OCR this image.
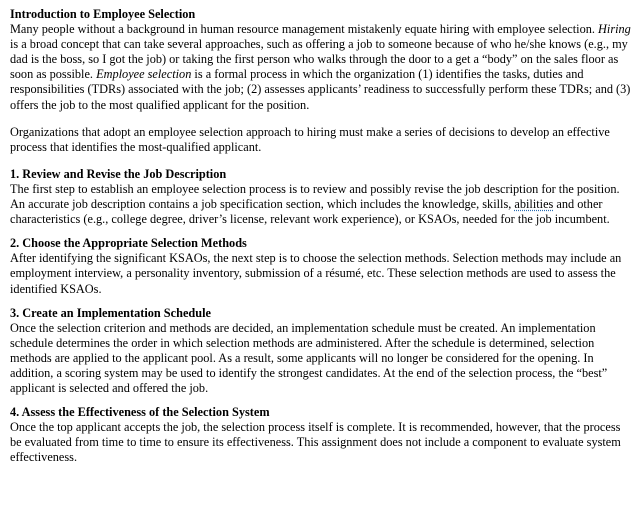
Introduction to Employee Selection

Many people without a background in human resource management mistakenly equate hiring with employee selection. Hiring is a broad concept that can take several approaches, such as offering a job to someone because of who he/she knows (e.g., my dad is the boss, so I got the job) or taking the first person who walks through the door to a get a “body” on the sales floor as soon as possible. Employee selection is a formal process in which the organization (1) identifies the tasks, duties and responsibilities (TDRs) associated with the job; (2) assesses applicants’ readiness to successfully perform these TDRs; and (3) offers the job to the most qualified applicant for the position.

Organizations that adopt an employee selection approach to hiring must make a series of decisions to develop an effective process that identifies the most-qualified applicant.

1. Review and Revise the Job Description

The first step to establish an employee selection process is to review and possibly revise the job description for the position. An accurate job description contains a job specification section, which includes the knowledge, skills, abilities and other characteristics (e.g., college degree, driver’s license, relevant work experience), or KSAOs, needed for the job incumbent.

2. Choose the Appropriate Selection Methods

After identifying the significant KSAOs, the next step is to choose the selection methods. Selection methods may include an employment interview, a personality inventory, submission of a résumé, etc. These selection methods are used to assess the identified KSAOs.

3. Create an Implementation Schedule

Once the selection criterion and methods are decided, an implementation schedule must be created. An implementation schedule determines the order in which selection methods are administered. After the schedule is determined, selection methods are applied to the applicant pool. As a result, some applicants will no longer be considered for the opening. In addition, a scoring system may be used to identify the strongest candidates. At the end of the selection process, the “best” applicant is selected and offered the job.

4. Assess the Effectiveness of the Selection System

Once the top applicant accepts the job, the selection process itself is complete. It is recommended, however, that the process be evaluated from time to time to ensure its effectiveness. This assignment does not include a component to evaluate system effectiveness.
